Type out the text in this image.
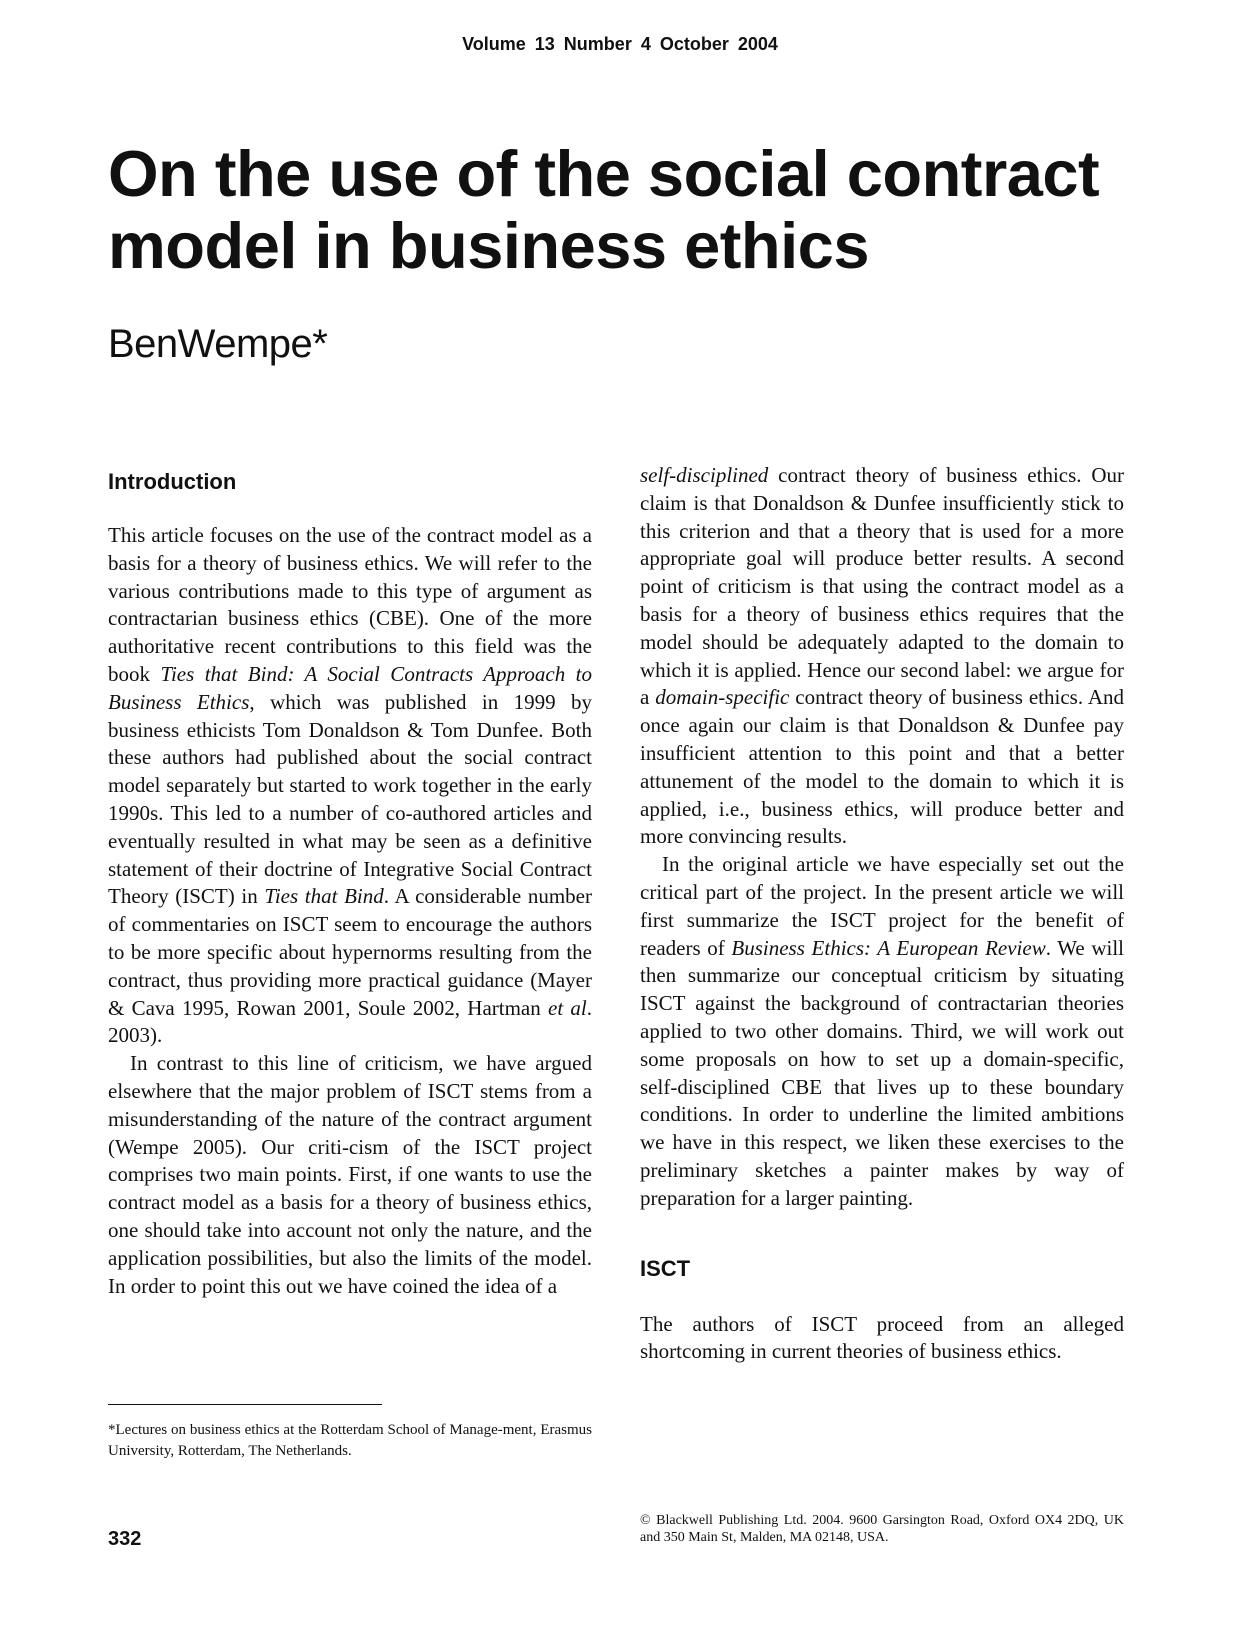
Volume 13 Number 4 October 2004
On the use of the social contract
model in business ethics
BenWempe*
Introduction

This article focuses on the use of the contract model as a basis for a theory of business ethics. We will refer to the various contributions made to this type of argument as contractarian business ethics (CBE). One of the more authoritative recent contributions to this field was the book Ties that Bind: A Social Contracts Approach to Business Ethics, which was published in 1999 by business ethicists Tom Donaldson & Tom Dunfee. Both these authors had published about the social contract model separately but started to work together in the early 1990s. This led to a number of co-authored articles and eventually resulted in what may be seen as a definitive statement of their doctrine of Integrative Social Contract Theory (ISCT) in Ties that Bind. A considerable number of commentaries on ISCT seem to encourage the authors to be more specific about hypernorms resulting from the contract, thus providing more practical guidance (Mayer & Cava 1995, Rowan 2001, Soule 2002, Hartman et al. 2003).

In contrast to this line of criticism, we have argued elsewhere that the major problem of ISCT stems from a misunderstanding of the nature of the contract argument (Wempe 2005). Our criti-cism of the ISCT project comprises two main points. First, if one wants to use the contract model as a basis for a theory of business ethics, one should take into account not only the nature, and the application possibilities, but also the limits of the model. In order to point this out we have coined the idea of a

self-disciplined contract theory of business ethics. Our claim is that Donaldson & Dunfee insufficiently stick to this criterion and that a theory that is used for a more appropriate goal will produce better results. A second point of criticism is that using the contract model as a basis for a theory of business ethics requires that the model should be adequately adapted to the domain to which it is applied. Hence our second label: we argue for a domain-specific contract theory of business ethics. And once again our claim is that Donaldson & Dunfee pay insufficient attention to this point and that a better attunement of the model to the domain to which it is applied, i.e., business ethics, will produce better and more convincing results.

In the original article we have especially set out the critical part of the project. In the present article we will first summarize the ISCT project for the benefit of readers of Business Ethics: A European Review. We will then summarize our conceptual criticism by situating ISCT against the background of contractarian theories applied to two other domains. Third, we will work out some proposals on how to set up a domain-specific, self-disciplined CBE that lives up to these boundary conditions. In order to underline the limited ambitions we have in this respect, we liken these exercises to the preliminary sketches a painter makes by way of preparation for a larger painting.

ISCT

The authors of ISCT proceed from an alleged shortcoming in current theories of business ethics.

*Lectures on business ethics at the Rotterdam School of Manage-ment, Erasmus University, Rotterdam, The Netherlands.

332

© Blackwell Publishing Ltd. 2004. 9600 Garsington Road, Oxford OX4 2DQ, UK and 350 Main St, Malden, MA 02148, USA.
